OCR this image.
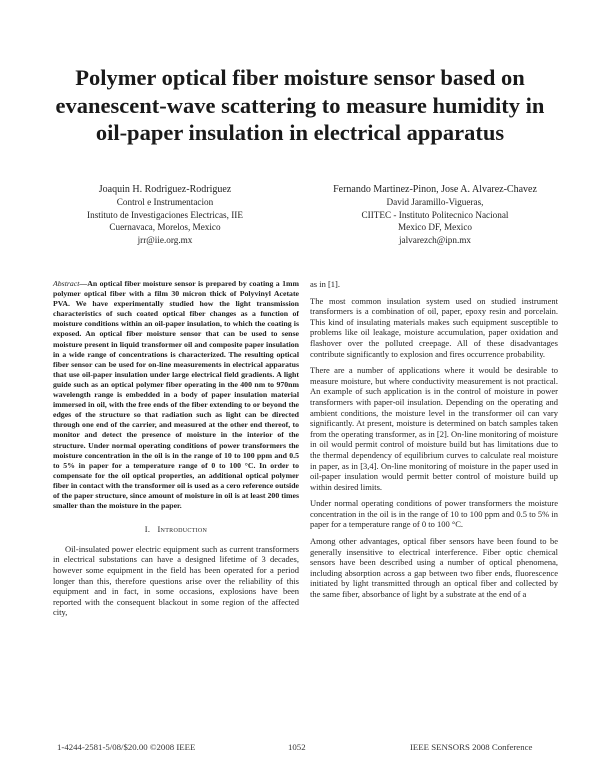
Polymer optical fiber moisture sensor based on evanescent-wave scattering to measure humidity in oil-paper insulation in electrical apparatus
Joaquin H. Rodriguez-Rodriguez
Control e Instrumentacion
Instituto de Investigaciones Electricas, IIE
Cuernavaca, Morelos, Mexico
jrr@iie.org.mx
Fernando Martinez-Pinon, Jose A. Alvarez-Chavez
David Jaramillo-Vigueras,
CIITEC - Instituto Politecnico Nacional
Mexico DF, Mexico
jalvarezch@ipn.mx

Abstract—An optical fiber moisture sensor is prepared by coating a 1mm polymer optical fiber with a film 30 micron thick of Polyvinyl Acetate PVA. We have experimentally studied how the light transmission characteristics of such coated optical fiber changes as a function of moisture conditions within an oil-paper insulation, to which the coating is exposed. An optical fiber moisture sensor that can be used to sense moisture present in liquid transformer oil and composite paper insulation in a wide range of concentrations is characterized. The resulting optical fiber sensor can be used for on-line measurements in electrical apparatus that use oil-paper insulation under large electrical field gradients. A light guide such as an optical polymer fiber operating in the 400 nm to 970nm wavelength range is embedded in a body of paper insulation material immersed in oil, with the free ends of the fiber extending to or beyond the edges of the structure so that radiation such as light can be directed through one end of the carrier, and measured at the other end thereof, to monitor and detect the presence of moisture in the interior of the structure. Under normal operating conditions of power transformers the moisture concentration in the oil is in the range of 10 to 100 ppm and 0.5 to 5% in paper for a temperature range of 0 to 100 °C. In order to compensate for the oil optical properties, an additional optical polymer fiber in contact with the transformer oil is used as a cero reference outside of the paper structure, since amount of moisture in oil is at least 200 times smaller than the moisture in the paper.

I. Introduction

Oil-insulated power electric equipment such as current transformers in electrical substations can have a designed lifetime of 3 decades, however some equipment in the field has been operated for a period longer than this, therefore questions arise over the reliability of this equipment and in fact, in some occasions, explosions have been reported with the consequent blackout in some region of the affected city,

as in [1].

The most common insulation system used on studied instrument transformers is a combination of oil, paper, epoxy resin and porcelain. This kind of insulating materials makes such equipment susceptible to problems like oil leakage, moisture accumulation, paper oxidation and flashover over the polluted creepage. All of these disadvantages contribute significantly to explosion and fires occurrence probability.

There are a number of applications where it would be desirable to measure moisture, but where conductivity measurement is not practical. An example of such application is in the control of moisture in power transformers with paper-oil insulation. Depending on the operating and ambient conditions, the moisture level in the transformer oil can vary significantly. At present, moisture is determined on batch samples taken from the operating transformer, as in [2]. On-line monitoring of moisture in oil would permit control of moisture build but has limitations due to the thermal dependency of equilibrium curves to calculate real moisture in paper, as in [3,4]. On-line monitoring of moisture in the paper used in oil-paper insulation would permit better control of moisture build up within desired limits.

Under normal operating conditions of power transformers the moisture concentration in the oil is in the range of 10 to 100 ppm and 0.5 to 5% in paper for a temperature range of 0 to 100 °C.

Among other advantages, optical fiber sensors have been found to be generally insensitive to electrical interference. Fiber optic chemical sensors have been described using a number of optical phenomena, including absorption across a gap between two fiber ends, fluorescence initiated by light transmitted through an optical fiber and collected by the same fiber, absorbance of light by a substrate at the end of a

1-4244-2581-5/08/$20.00 ©2008 IEEE	1052	IEEE SENSORS 2008 Conference
